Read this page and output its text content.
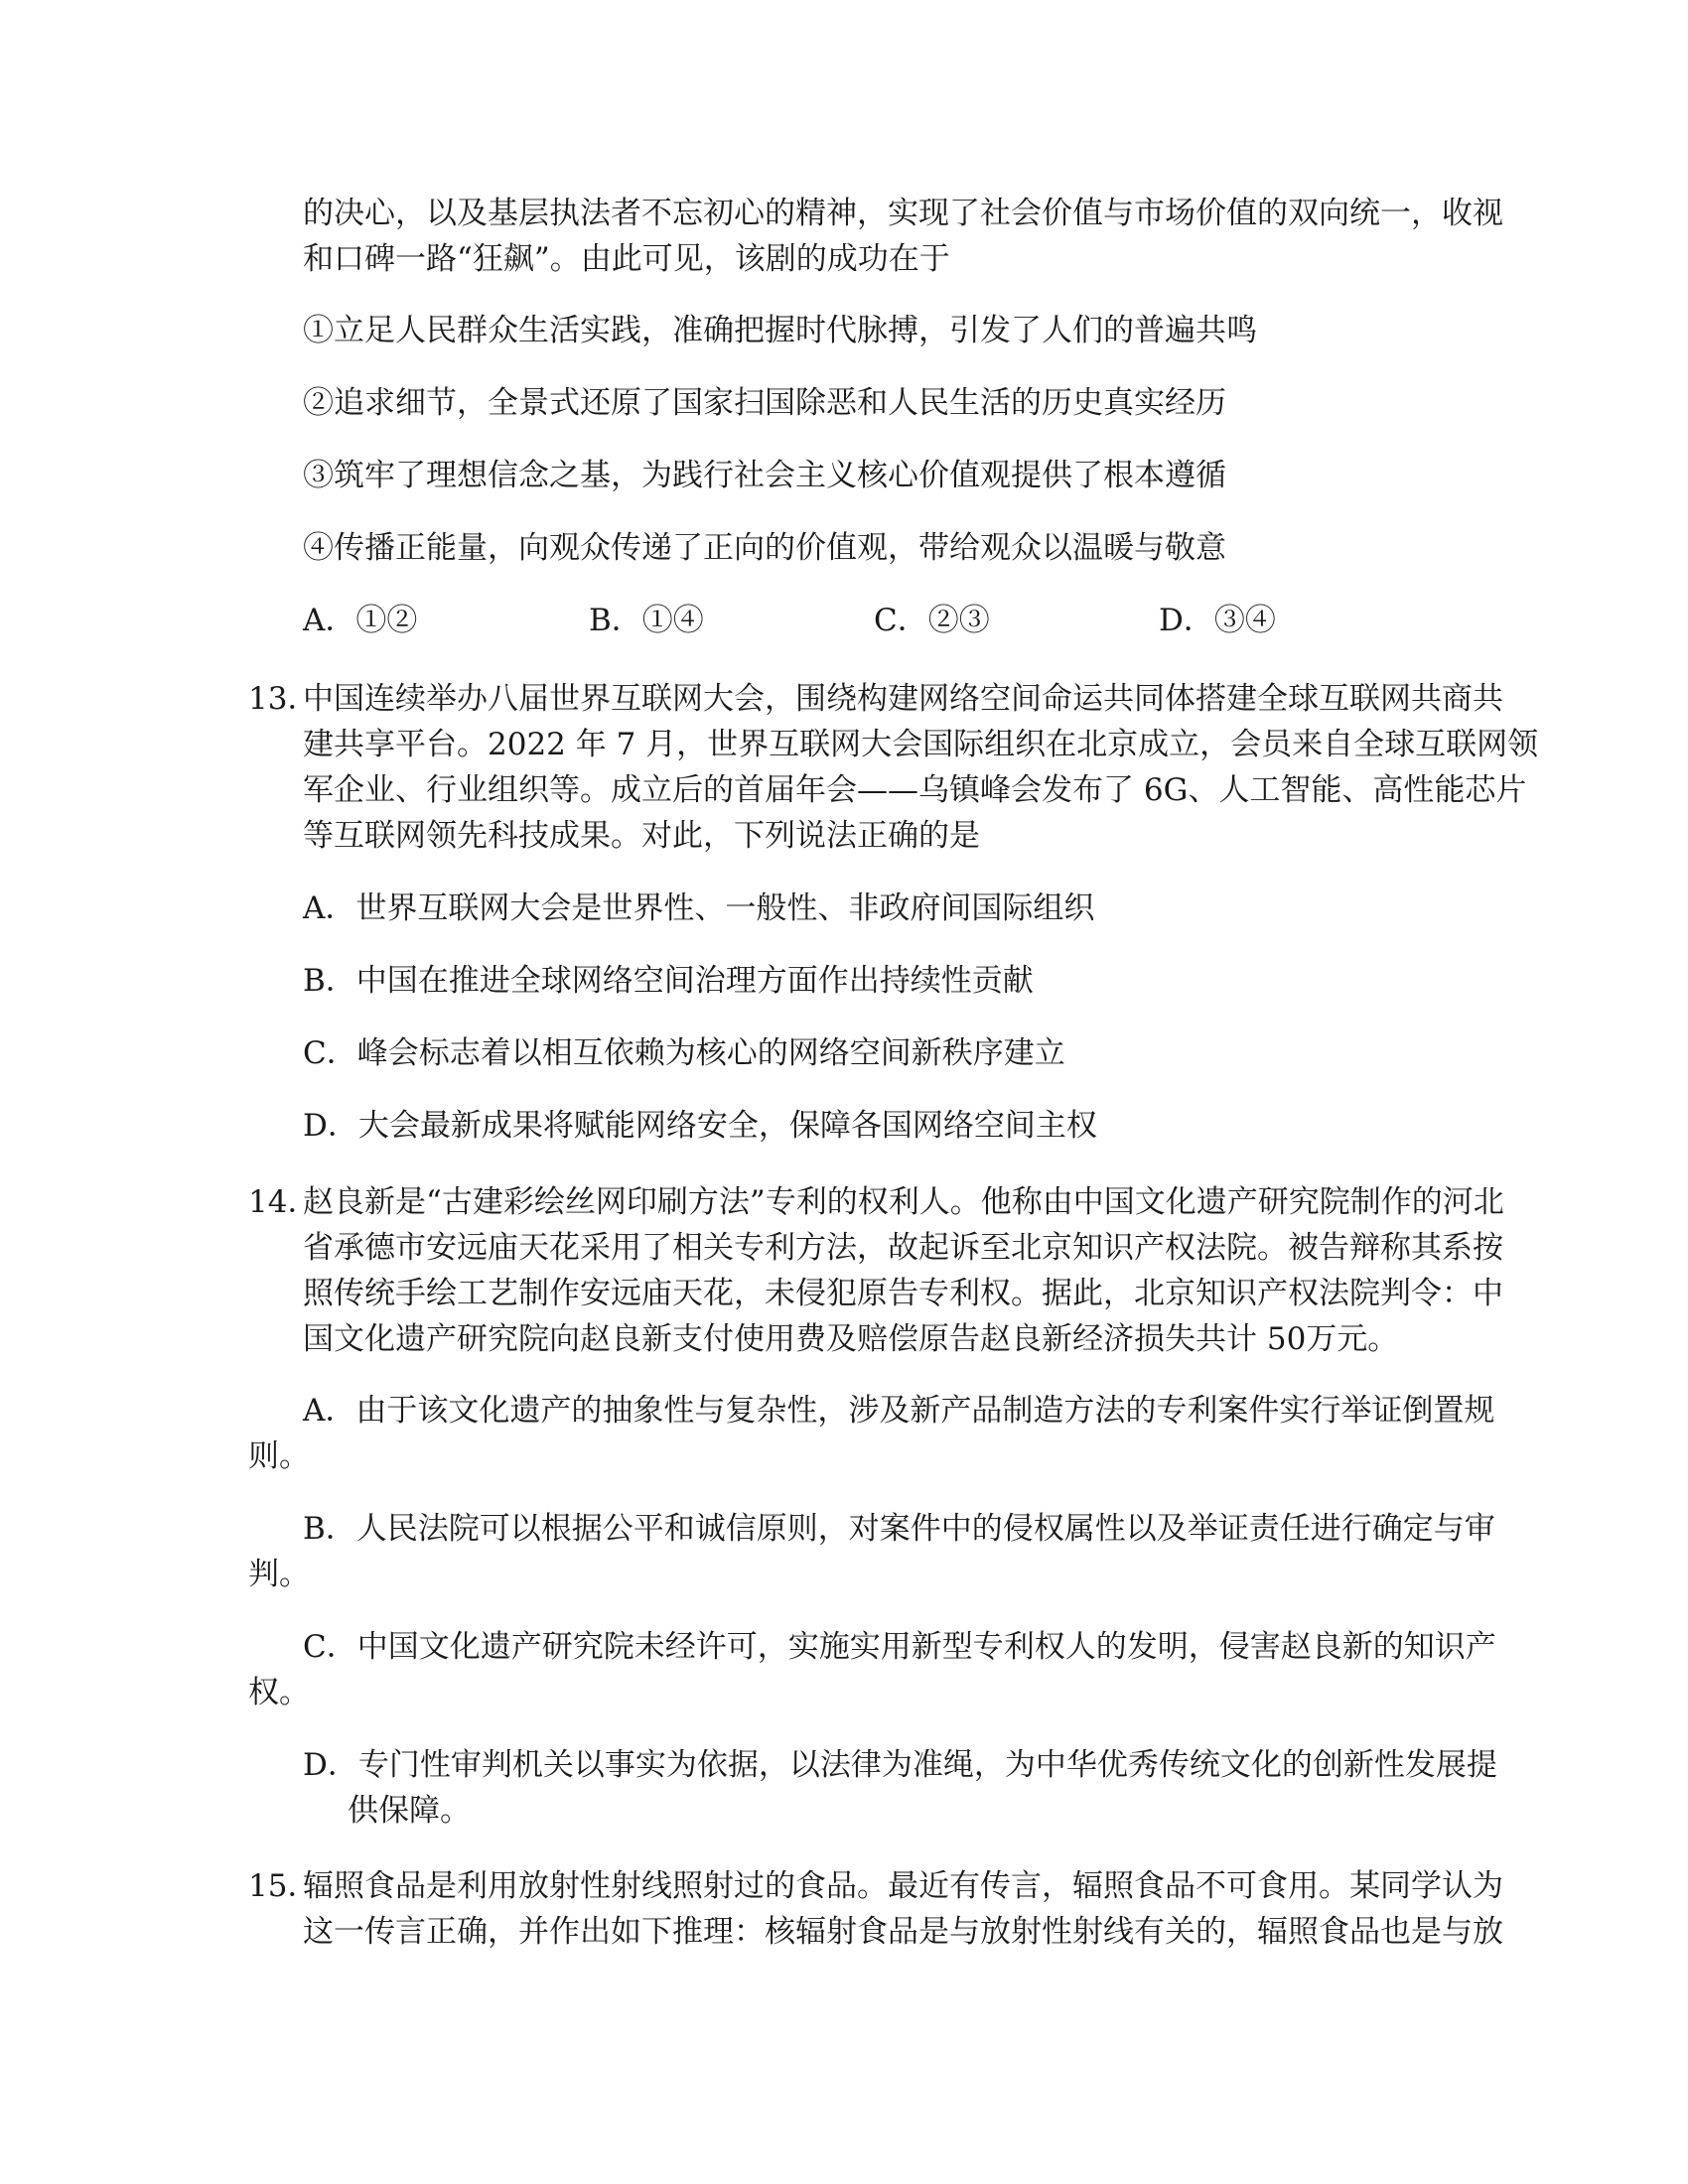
的决心，以及基层执法者不忘初心的精神，实现了社会价值与市场价值的双向统一，收视
和口碑一路“狂飙”。由此可见，该剧的成功在于
①立足人民群众生活实践，准确把握时代脉搏，引发了人们的普遍共鸣
②追求细节，全景式还原了国家扫国除恶和人民生活的历史真实经历
③筑牢了理想信念之基，为践行社会主义核心价值观提供了根本遵循
④传播正能量，向观众传递了正向的价值观，带给观众以温暖与敬意
A．①②	B．①④	C．②③	D．③④
13．
中国连续举办八届世界互联网大会，围绕构建网络空间命运共同体搭建全球互联网共商共
建共享平台。2022 年 7 月，世界互联网大会国际组织在北京成立，会员来自全球互联网领
军企业、行业组织等。成立后的首届年会——乌镇峰会发布了 6G、人工智能、高性能芯片
等互联网领先科技成果。对此，下列说法正确的是
A．世界互联网大会是世界性、一般性、非政府间国际组织
B．中国在推进全球网络空间治理方面作出持续性贡献
C．峰会标志着以相互依赖为核心的网络空间新秩序建立
D．大会最新成果将赋能网络安全，保障各国网络空间主权
14．
赵良新是“古建彩绘丝网印刷方法”专利的权利人。他称由中国文化遗产研究院制作的河北
省承德市安远庙天花采用了相关专利方法，故起诉至北京知识产权法院。被告辩称其系按
照传统手绘工艺制作安远庙天花，未侵犯原告专利权。据此，北京知识产权法院判令：中
国文化遗产研究院向赵良新支付使用费及赔偿原告赵良新经济损失共计 50万元。
A．由于该文化遗产的抽象性与复杂性，涉及新产品制造方法的专利案件实行举证倒置规
则。
B．人民法院可以根据公平和诚信原则，对案件中的侵权属性以及举证责任进行确定与审
判。
C．中国文化遗产研究院未经许可，实施实用新型专利权人的发明，侵害赵良新的知识产
权。
D．专门性审判机关以事实为依据，以法律为准绳，为中华优秀传统文化的创新性发展提
供保障。
15．
辐照食品是利用放射性射线照射过的食品。最近有传言，辐照食品不可食用。某同学认为
这一传言正确，并作出如下推理：核辐射食品是与放射性射线有关的，辐照食品也是与放
